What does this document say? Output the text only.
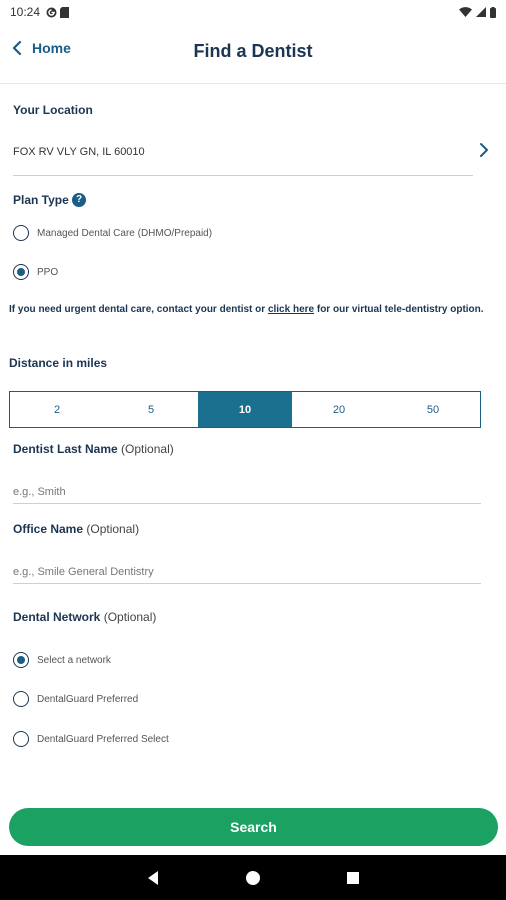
10:24
Home	Find a Dentist
Your Location
FOX RV VLY GN, IL 60010
Plan Type ?
Managed Dental Care (DHMO/Prepaid)
PPO
If you need urgent dental care, contact your dentist or click here for our virtual tele-dentistry option.
Distance in miles
2	5	10	20	50
Dentist Last Name (Optional)
e.g., Smith
Office Name (Optional)
e.g., Smile General Dentistry
Dental Network (Optional)
Select a network
DentalGuard Preferred
DentalGuard Preferred Select
Search
